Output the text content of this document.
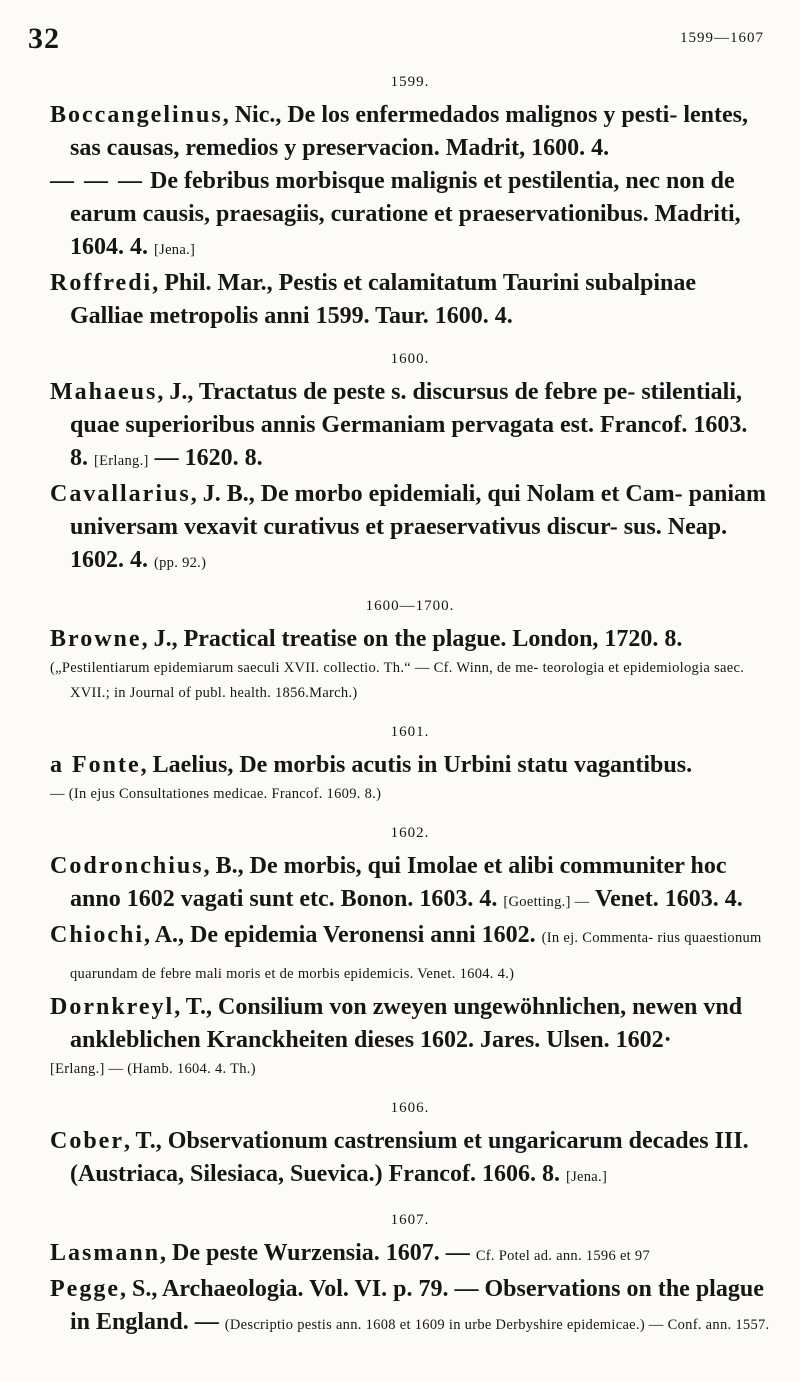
32	1599—1607
1599.

Boccangelinus, Nic., De los enfermedados malignos y pesti- lentes, sas causas, remedios y preservacion. Madrit, 1600. 4.

— — — De febribus morbisque malignis et pestilentia, nec non de earum causis, praesagiis, curatione et praeservationibus. Madriti, 1604. 4. [Jena.]

Roffredi, Phil. Mar., Pestis et calamitatum Taurini subalpinae Galliae metropolis anni 1599. Taur. 1600. 4.

1600.

Mahaeus, J., Tractatus de peste s. discursus de febre pe- stilentiali, quae superioribus annis Germaniam pervagata est. Francof. 1603. 8. [Erlang.] — 1620. 8.

Cavallarius, J. B., De morbo epidemiali, qui Nolam et Cam- paniam universam vexavit curativus et praeservativus discur- sus. Neap. 1602. 4. (pp. 92.)

1600—1700.

Browne, J., Practical treatise on the plague. London, 1720. 8.
(„Pestilentiarum epidemiarum saeculi XVII. collectio. Th.“ — Cf. Winn, de me- teorologia et epidemiologia saec. XVII.; in Journal of publ. health. 1856.March.)

1601.

a Fonte, Laelius, De morbis acutis in Urbini statu vagantibus.
— (In ejus Consultationes medicae. Francof. 1609. 8.)

1602.

Codronchius, B., De morbis, qui Imolae et alibi communiter hoc anno 1602 vagati sunt etc. Bonon. 1603. 4. [Goetting.] — Venet. 1603. 4.

Chiochi, A., De epidemia Veronensi anni 1602. (In ej. Commenta- rius quaestionum quarundam de febre mali moris et de morbis epidemicis. Venet. 1604. 4.)

Dornkreyl, T., Consilium von zweyen ungewöhnlichen, newen vnd ankleblichen Kranckheiten dieses 1602. Jares. Ulsen. 1602·
[Erlang.] — (Hamb. 1604. 4. Th.)

1606.

Cober, T., Observationum castrensium et ungaricarum decades III. (Austriaca, Silesiaca, Suevica.) Francof. 1606. 8. [Jena.]

1607.

Lasmann, De peste Wurzensia. 1607. — Cf. Potel ad. ann. 1596 et 97

Pegge, S., Archaeologia. Vol. VI. p. 79. — Observations on the plague in England. — (Descriptio pestis ann. 1608 et 1609 in urbe Derbyshire epidemicae.) — Conf. ann. 1557.
